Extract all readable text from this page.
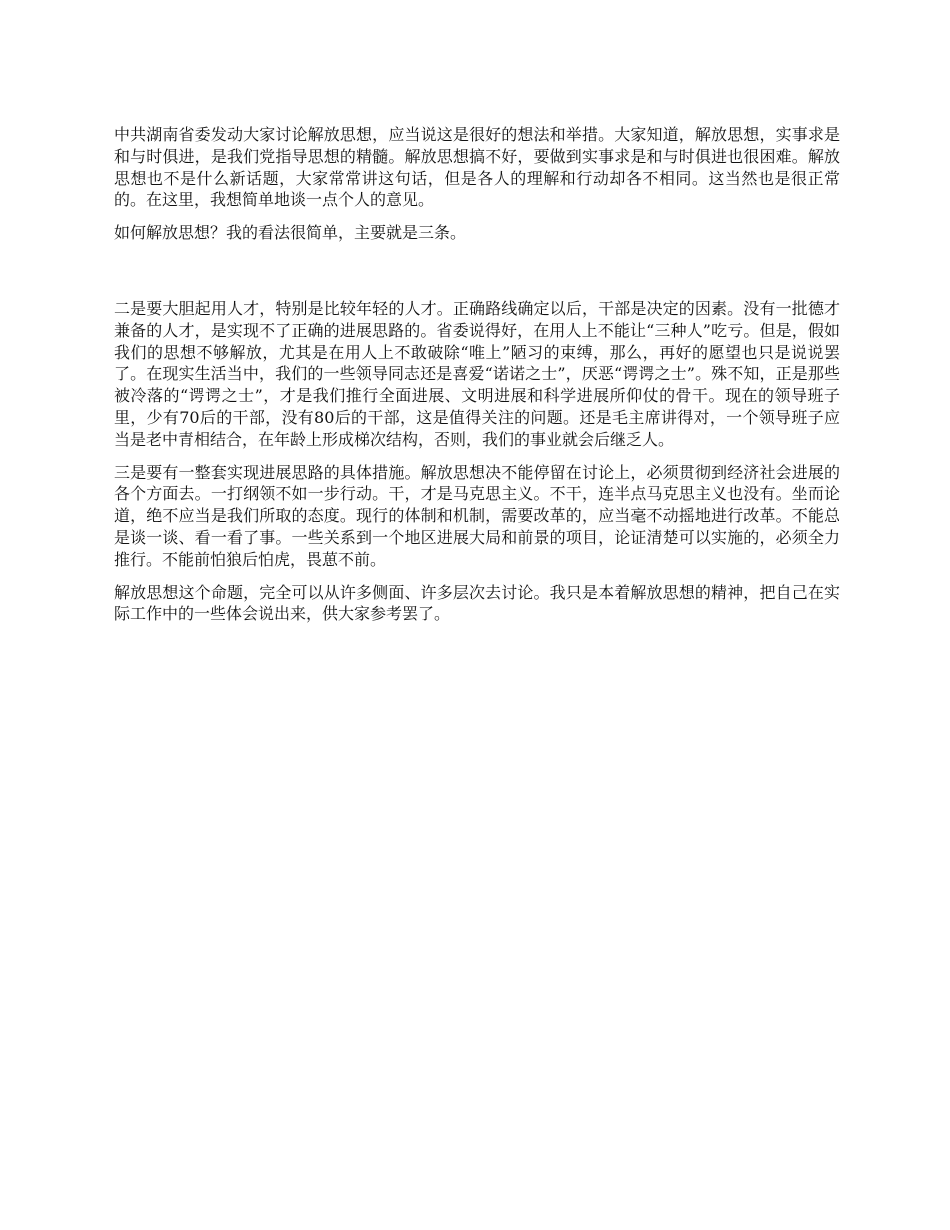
中共湖南省委发动大家讨论解放思想，应当说这是很好的想法和举措。大家知道，解放思想，实事求是和与时俱进，是我们党指导思想的精髓。解放思想搞不好，要做到实事求是和与时俱进也很困难。解放思想也不是什么新话题，大家常常讲这句话，但是各人的理解和行动却各不相同。这当然也是很正常的。在这里，我想简单地谈一点个人的意见。

如何解放思想？我的看法很简单，主要就是三条。

二是要大胆起用人才，特别是比较年轻的人才。正确路线确定以后，干部是决定的因素。没有一批德才兼备的人才，是实现不了正确的进展思路的。省委说得好，在用人上不能让“三种人”吃亏。但是，假如我们的思想不够解放，尤其是在用人上不敢破除“唯上”陋习的束缚，那么，再好的愿望也只是说说罢了。在现实生活当中，我们的一些领导同志还是喜爱“诺诺之士”，厌恶“谔谔之士”。殊不知，正是那些被冷落的“谔谔之士”，才是我们推行全面进展、文明进展和科学进展所仰仗的骨干。现在的领导班子里，少有70后的干部，没有80后的干部，这是值得关注的问题。还是毛主席讲得对，一个领导班子应当是老中青相结合，在年龄上形成梯次结构，否则，我们的事业就会后继乏人。

三是要有一整套实现进展思路的具体措施。解放思想决不能停留在讨论上，必须贯彻到经济社会进展的各个方面去。一打纲领不如一步行动。干，才是马克思主义。不干，连半点马克思主义也没有。坐而论道，绝不应当是我们所取的态度。现行的体制和机制，需要改革的，应当毫不动摇地进行改革。不能总是谈一谈、看一看了事。一些关系到一个地区进展大局和前景的项目，论证清楚可以实施的，必须全力推行。不能前怕狼后怕虎，畏葸不前。

解放思想这个命题，完全可以从许多侧面、许多层次去讨论。我只是本着解放思想的精神，把自己在实际工作中的一些体会说出来，供大家参考罢了。
